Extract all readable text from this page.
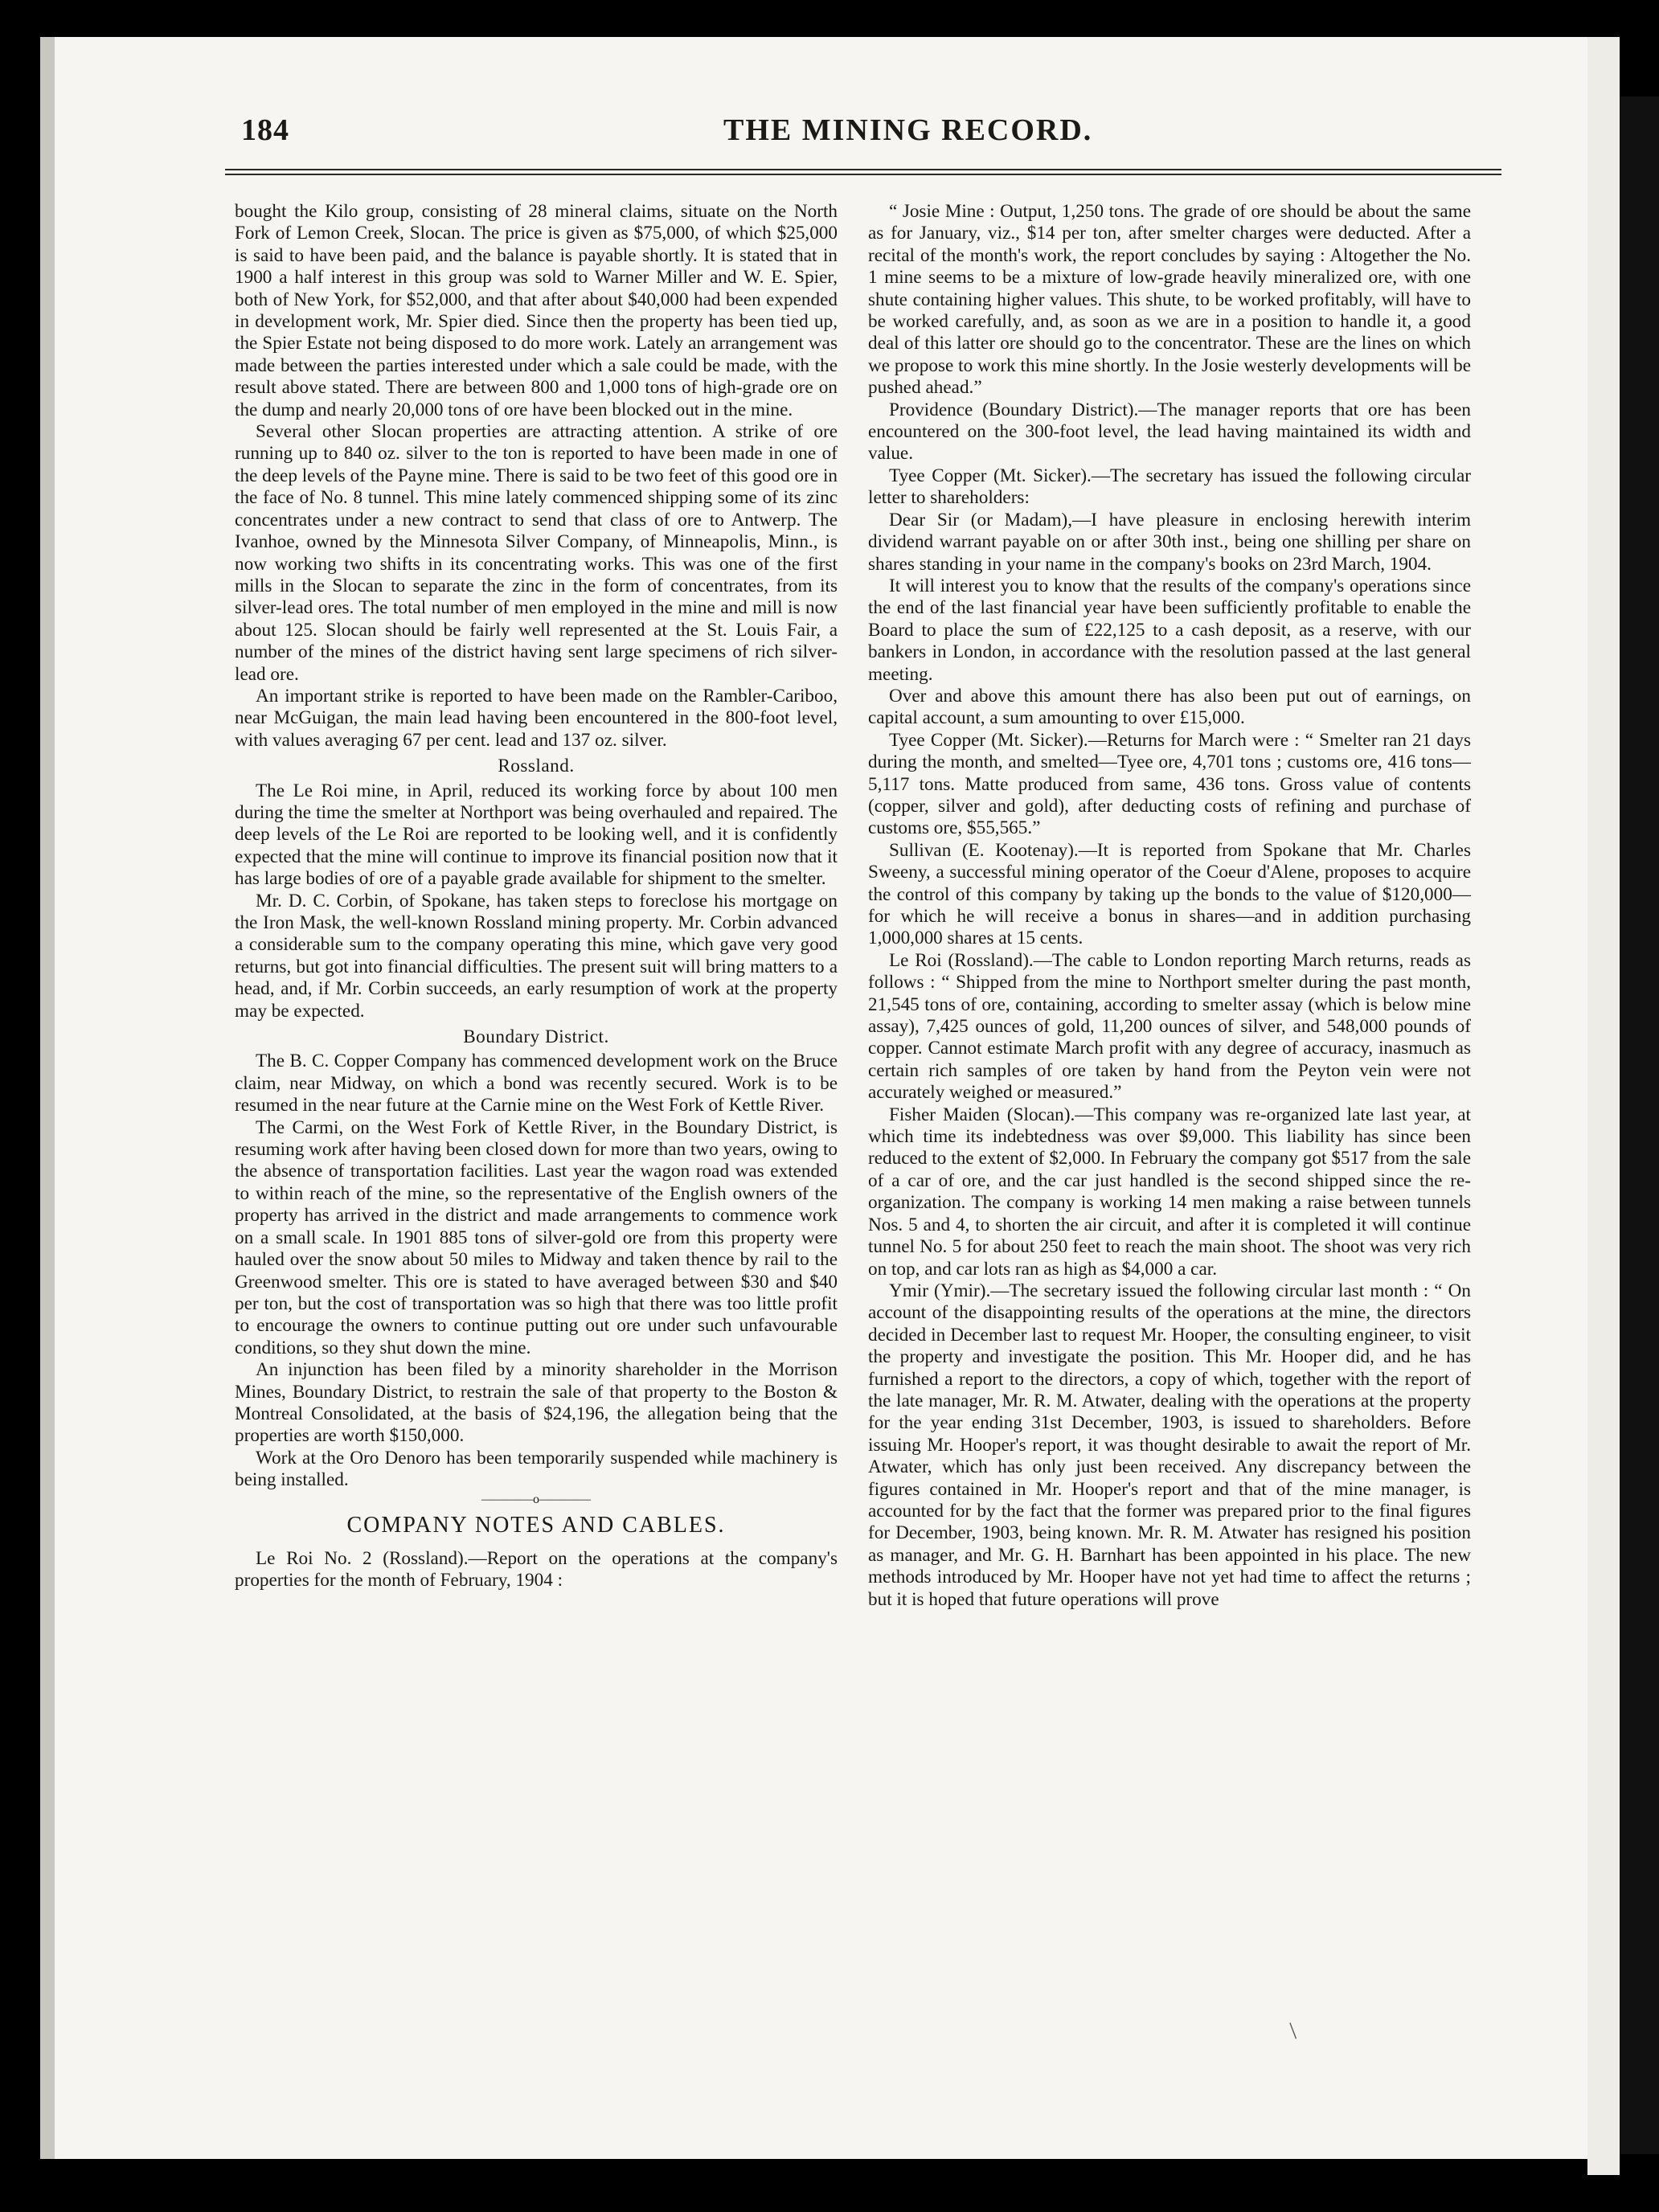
184	THE MINING RECORD.

bought the Kilo group, consisting of 28 mineral claims, situate on the North Fork of Lemon Creek, Slocan. The price is given as $75,000, of which $25,000 is said to have been paid, and the balance is payable shortly. It is stated that in 1900 a half interest in this group was sold to Warner Miller and W. E. Spier, both of New York, for $52,000, and that after about $40,000 had been expended in development work, Mr. Spier died. Since then the property has been tied up, the Spier Estate not being disposed to do more work. Lately an arrangement was made between the parties interested under which a sale could be made, with the result above stated. There are between 800 and 1,000 tons of high-grade ore on the dump and nearly 20,000 tons of ore have been blocked out in the mine.

Several other Slocan properties are attracting attention. A strike of ore running up to 840 oz. silver to the ton is reported to have been made in one of the deep levels of the Payne mine. There is said to be two feet of this good ore in the face of No. 8 tunnel. This mine lately commenced shipping some of its zinc concentrates under a new contract to send that class of ore to Antwerp. The Ivanhoe, owned by the Minnesota Silver Company, of Minneapolis, Minn., is now working two shifts in its concentrating works. This was one of the first mills in the Slocan to separate the zinc in the form of concentrates, from its silver-lead ores. The total number of men employed in the mine and mill is now about 125. Slocan should be fairly well represented at the St. Louis Fair, a number of the mines of the district having sent large specimens of rich silver-lead ore.

An important strike is reported to have been made on the Rambler-Cariboo, near McGuigan, the main lead having been encountered in the 800-foot level, with values averaging 67 per cent. lead and 137 oz. silver.

Rossland.

The Le Roi mine, in April, reduced its working force by about 100 men during the time the smelter at Northport was being overhauled and repaired. The deep levels of the Le Roi are reported to be looking well, and it is confidently expected that the mine will continue to improve its financial position now that it has large bodies of ore of a payable grade available for shipment to the smelter.

Mr. D. C. Corbin, of Spokane, has taken steps to foreclose his mortgage on the Iron Mask, the well-known Rossland mining property. Mr. Corbin advanced a considerable sum to the company operating this mine, which gave very good returns, but got into financial difficulties. The present suit will bring matters to a head, and, if Mr. Corbin succeeds, an early resumption of work at the property may be expected.

Boundary District.

The B. C. Copper Company has commenced development work on the Bruce claim, near Midway, on which a bond was recently secured. Work is to be resumed in the near future at the Carnie mine on the West Fork of Kettle River.

The Carmi, on the West Fork of Kettle River, in the Boundary District, is resuming work after having been closed down for more than two years, owing to the absence of transportation facilities. Last year the wagon road was extended to within reach of the mine, so the representative of the English owners of the property has arrived in the district and made arrangements to commence work on a small scale. In 1901 885 tons of silver-gold ore from this property were hauled over the snow about 50 miles to Midway and taken thence by rail to the Greenwood smelter. This ore is stated to have averaged between $30 and $40 per ton, but the cost of transportation was so high that there was too little profit to encourage the owners to continue putting out ore under such unfavourable conditions, so they shut down the mine.

An injunction has been filed by a minority shareholder in the Morrison Mines, Boundary District, to restrain the sale of that property to the Boston & Montreal Consolidated, at the basis of $24,196, the allegation being that the properties are worth $150,000.

Work at the Oro Denoro has been temporarily suspended while machinery is being installed.

————o————
COMPANY NOTES AND CABLES.

Le Roi No. 2 (Rossland).—Report on the operations at the company's properties for the month of February, 1904 :

“ Josie Mine : Output, 1,250 tons. The grade of ore should be about the same as for January, viz., $14 per ton, after smelter charges were deducted. After a recital of the month's work, the report concludes by saying : Altogether the No. 1 mine seems to be a mixture of low-grade heavily mineralized ore, with one shute containing higher values. This shute, to be worked profitably, will have to be worked carefully, and, as soon as we are in a position to handle it, a good deal of this latter ore should go to the concentrator. These are the lines on which we propose to work this mine shortly. In the Josie westerly developments will be pushed ahead.”

Providence (Boundary District).—The manager reports that ore has been encountered on the 300-foot level, the lead having maintained its width and value.

Tyee Copper (Mt. Sicker).—The secretary has issued the following circular letter to shareholders:

Dear Sir (or Madam),—I have pleasure in enclosing herewith interim dividend warrant payable on or after 30th inst., being one shilling per share on shares standing in your name in the company's books on 23rd March, 1904.

It will interest you to know that the results of the company's operations since the end of the last financial year have been sufficiently profitable to enable the Board to place the sum of £22,125 to a cash deposit, as a reserve, with our bankers in London, in accordance with the resolution passed at the last general meeting.

Over and above this amount there has also been put out of earnings, on capital account, a sum amounting to over £15,000.

Tyee Copper (Mt. Sicker).—Returns for March were : “ Smelter ran 21 days during the month, and smelted—Tyee ore, 4,701 tons ; customs ore, 416 tons—5,117 tons. Matte produced from same, 436 tons. Gross value of contents (copper, silver and gold), after deducting costs of refining and purchase of customs ore, $55,565.”

Sullivan (E. Kootenay).—It is reported from Spokane that Mr. Charles Sweeny, a successful mining operator of the Coeur d'Alene, proposes to acquire the control of this company by taking up the bonds to the value of $120,000—for which he will receive a bonus in shares—and in addition purchasing 1,000,000 shares at 15 cents.

Le Roi (Rossland).—The cable to London reporting March returns, reads as follows : “ Shipped from the mine to Northport smelter during the past month, 21,545 tons of ore, containing, according to smelter assay (which is below mine assay), 7,425 ounces of gold, 11,200 ounces of silver, and 548,000 pounds of copper. Cannot estimate March profit with any degree of accuracy, inasmuch as certain rich samples of ore taken by hand from the Peyton vein were not accurately weighed or measured.”

Fisher Maiden (Slocan).—This company was re-organized late last year, at which time its indebtedness was over $9,000. This liability has since been reduced to the extent of $2,000. In February the company got $517 from the sale of a car of ore, and the car just handled is the second shipped since the re-organization. The company is working 14 men making a raise between tunnels Nos. 5 and 4, to shorten the air circuit, and after it is completed it will continue tunnel No. 5 for about 250 feet to reach the main shoot. The shoot was very rich on top, and car lots ran as high as $4,000 a car.

Ymir (Ymir).—The secretary issued the following circular last month : “ On account of the disappointing results of the operations at the mine, the directors decided in December last to request Mr. Hooper, the consulting engineer, to visit the property and investigate the position. This Mr. Hooper did, and he has furnished a report to the directors, a copy of which, together with the report of the late manager, Mr. R. M. Atwater, dealing with the operations at the property for the year ending 31st December, 1903, is issued to shareholders. Before issuing Mr. Hooper's report, it was thought desirable to await the report of Mr. Atwater, which has only just been received. Any discrepancy between the figures contained in Mr. Hooper's report and that of the mine manager, is accounted for by the fact that the former was prepared prior to the final figures for December, 1903, being known. Mr. R. M. Atwater has resigned his position as manager, and Mr. G. H. Barnhart has been appointed in his place. The new methods introduced by Mr. Hooper have not yet had time to affect the returns ; but it is hoped that future operations will prove

/
